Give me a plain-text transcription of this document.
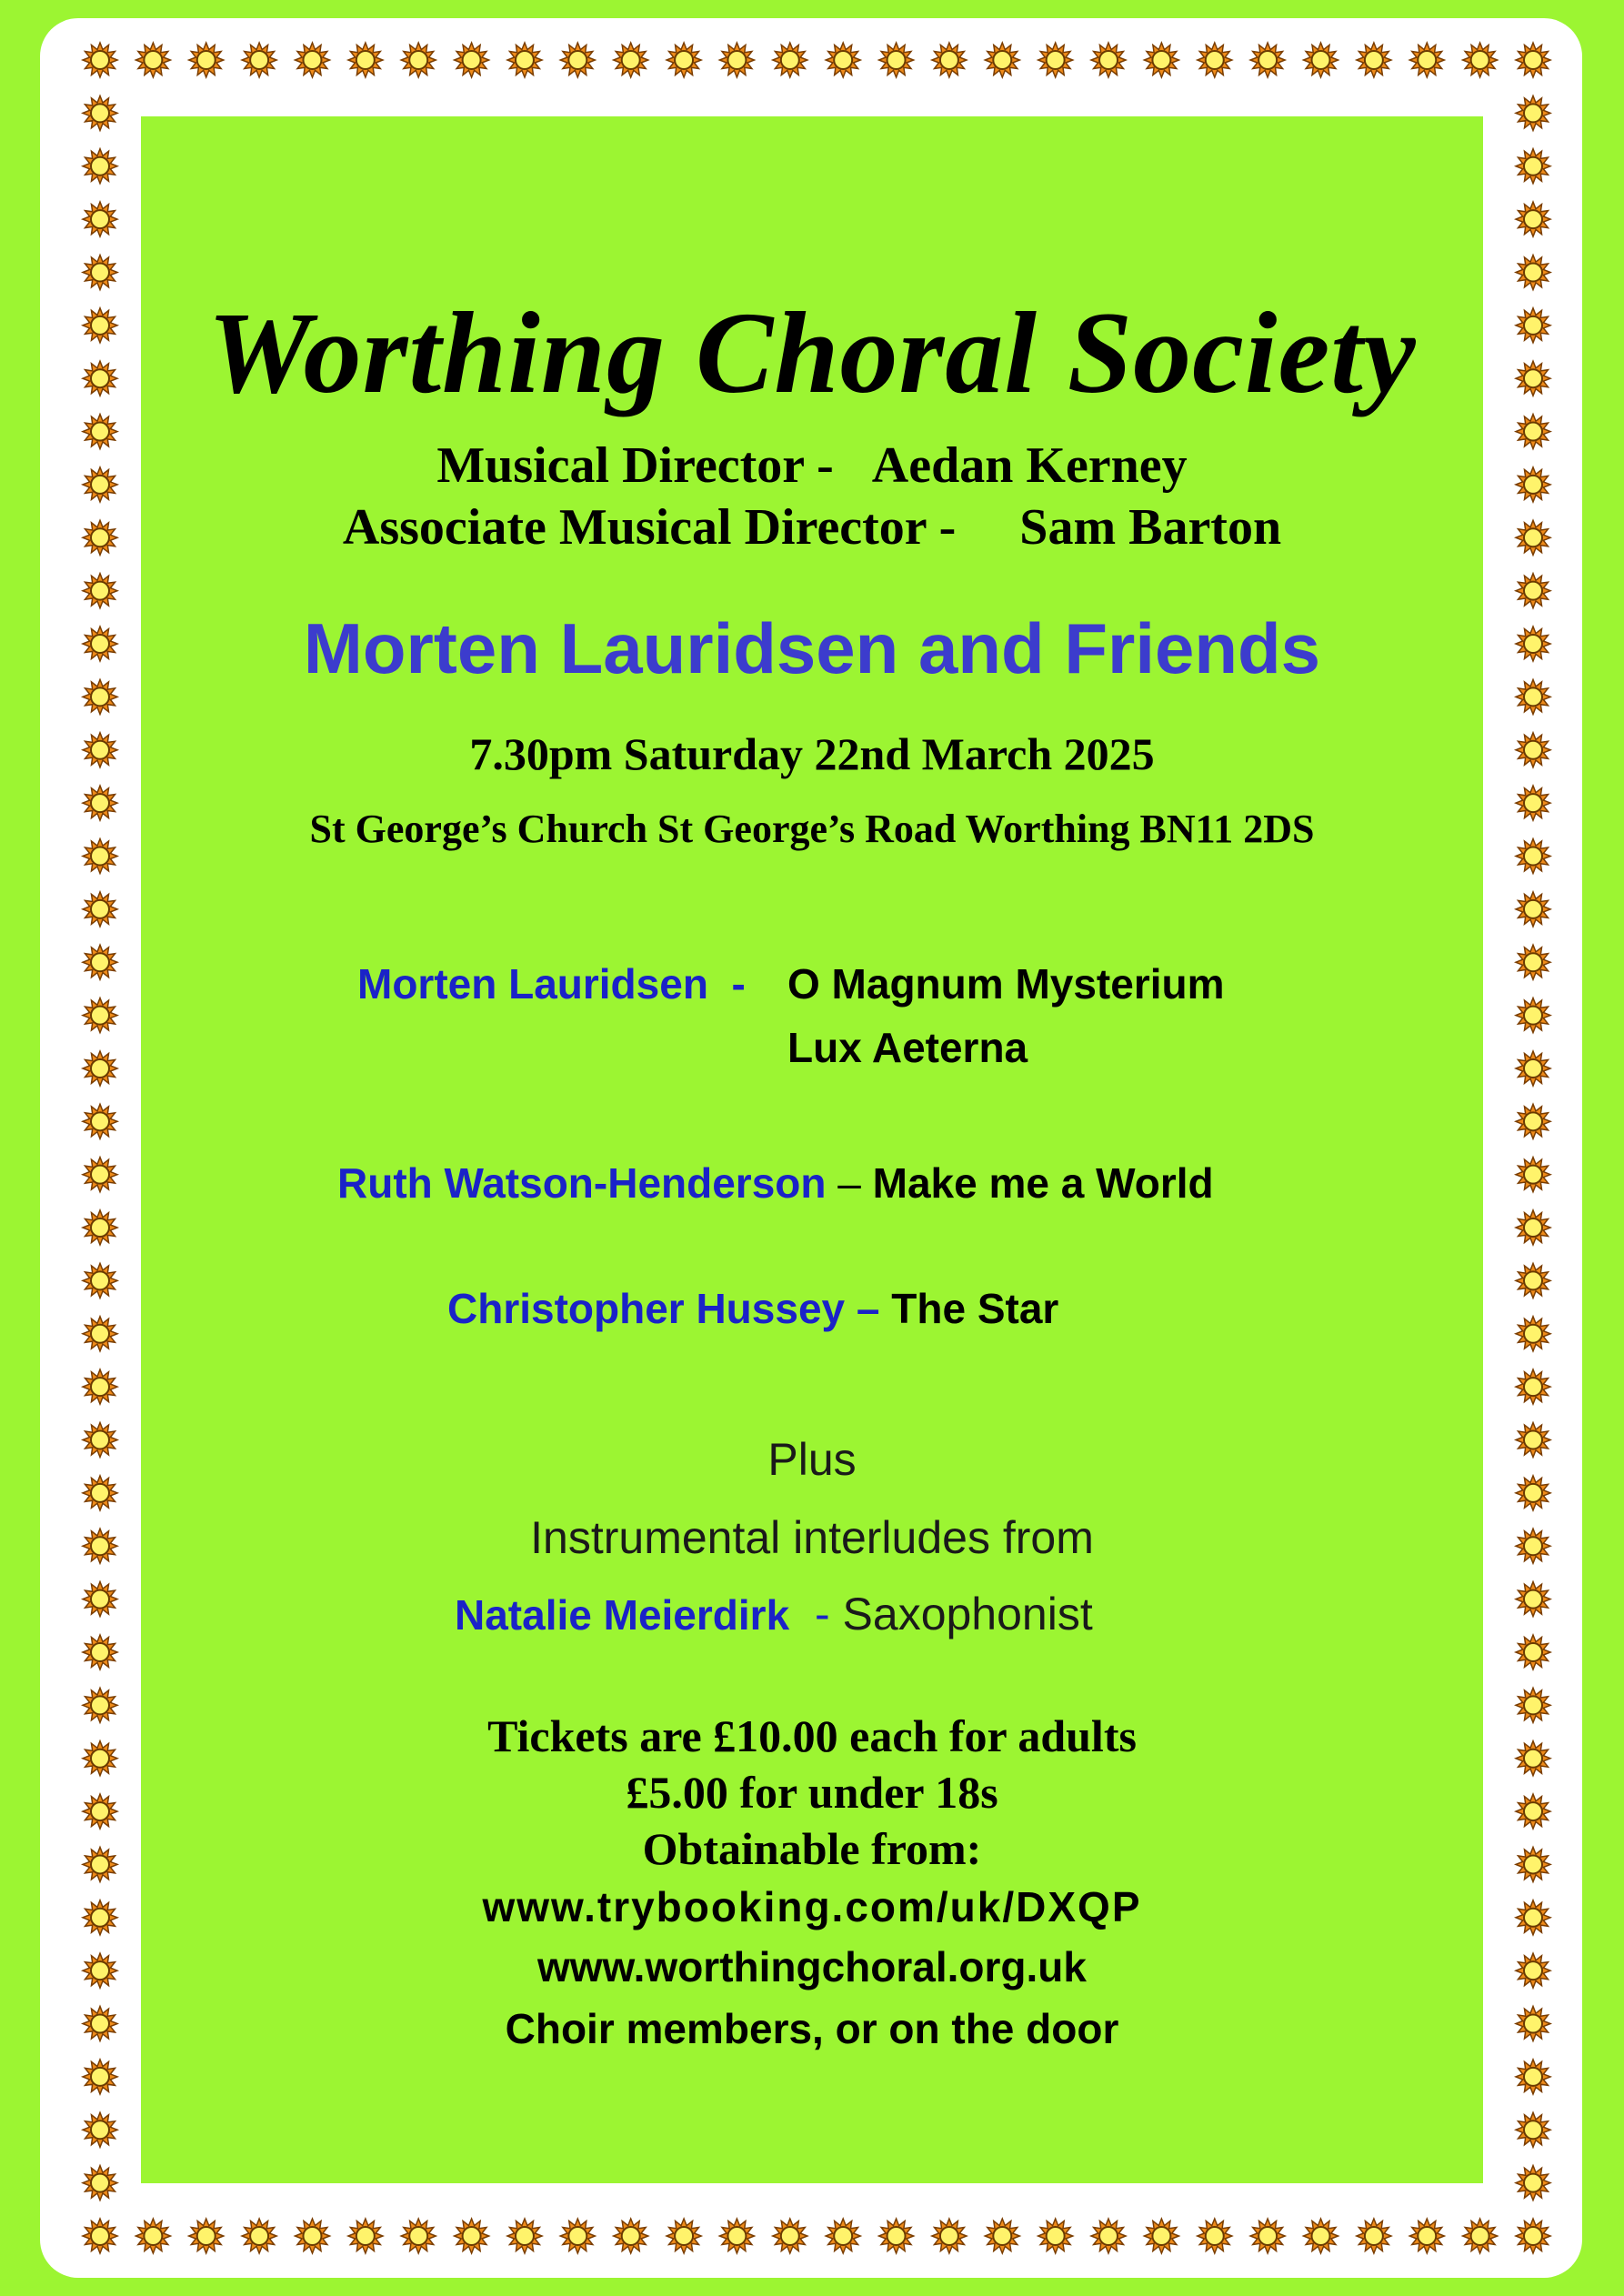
Worthing Choral Society
Musical Director - Aedan Kerney
Associate Musical Director - Sam Barton
Morten Lauridsen and Friends
7.30pm Saturday 22nd March 2025
St George’s Church St George’s Road Worthing BN11 2DS
Morten Lauridsen - O Magnum Mysterium
Lux Aeterna
Ruth Watson-Henderson – Make me a World
Christopher Hussey – The Star
Plus
Instrumental interludes from
Natalie Meierdirk - Saxophonist
Tickets are £10.00 each for adults
£5.00 for under 18s
Obtainable from:
www.trybooking.com/uk/DXQP
www.worthingchoral.org.uk
Choir members, or on the door
